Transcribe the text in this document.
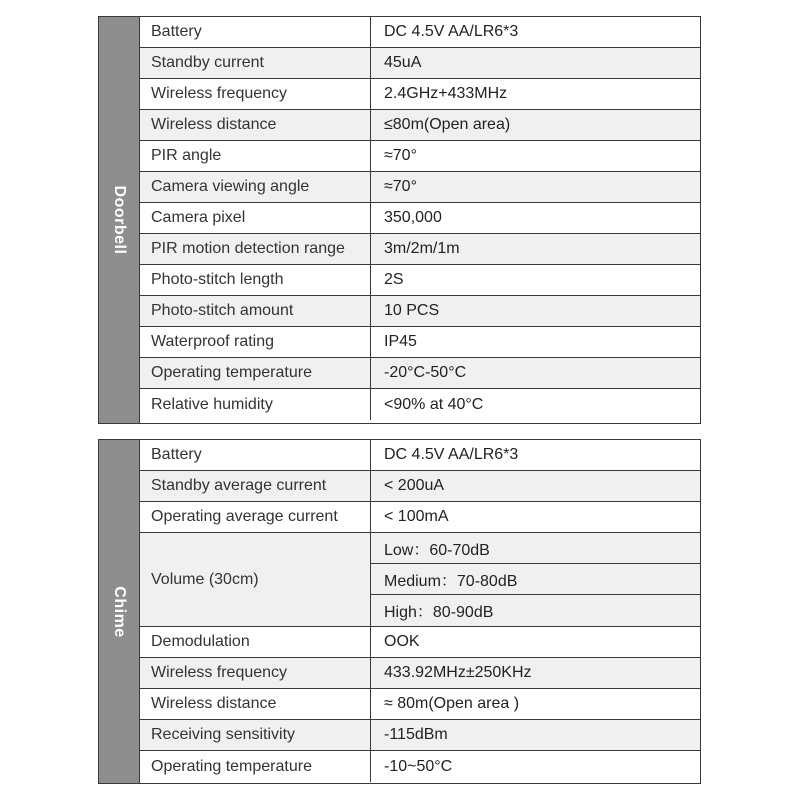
Doorbell
Battery	DC 4.5V AA/LR6*3
Standby current	45uA
Wireless frequency	2.4GHz+433MHz
Wireless distance	≤80m(Open area)
PIR angle	≈70°
Camera viewing angle	≈70°
Camera pixel	350,000
PIR motion detection range	3m/2m/1m
Photo-stitch length	2S
Photo-stitch amount	10 PCS
Waterproof rating	IP45
Operating temperature	-20°C-50°C
Relative humidity	<90% at 40°C
Chime
Battery	DC 4.5V AA/LR6*3
Standby average current	< 200uA
Operating average current	< 100mA
Volume (30cm)
Low：60-70dB
Medium：70-80dB
High：80-90dB
Demodulation	OOK
Wireless frequency	433.92MHz±250KHz
Wireless distance	≈ 80m(Open area )
Receiving sensitivity	-115dBm
Operating temperature	-10~50°C
